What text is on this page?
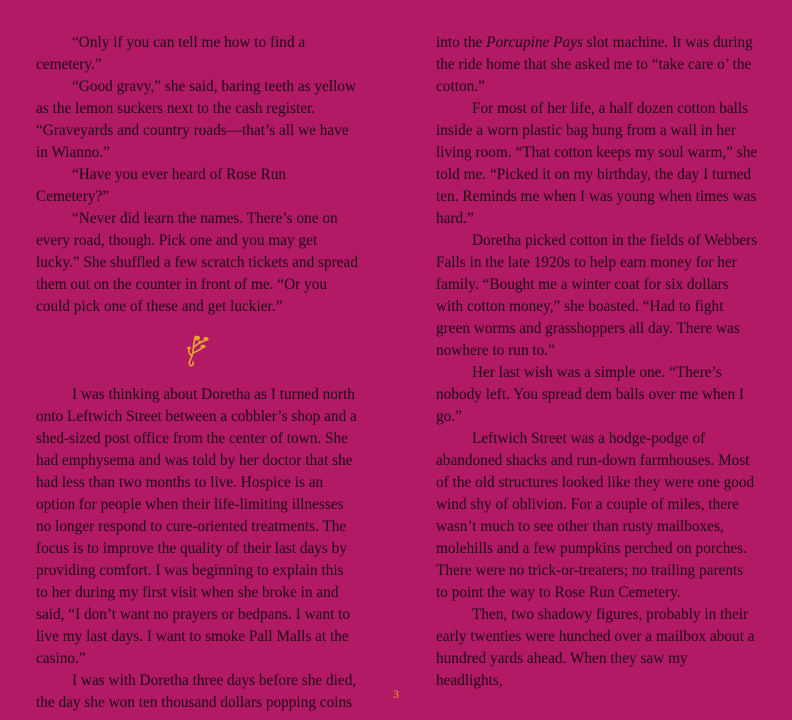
“Only if you can tell me how to find a cemetery.”

“Good gravy,” she said, baring teeth as yellow as the lemon suckers next to the cash register. “Graveyards and country roads—that’s all we have in Wianno.”

“Have you ever heard of Rose Run Cemetery?”

“Never did learn the names. There’s one on every road, though. Pick one and you may get lucky.” She shuffled a few scratch tickets and spread them out on the counter in front of me. “Or you could pick one of these and get luckier.”

I was thinking about Doretha as I turned north onto Leftwich Street between a cobbler’s shop and a shed-sized post office from the center of town. She had emphysema and was told by her doctor that she had less than two months to live. Hospice is an option for people when their life-limiting illnesses no longer respond to cure-oriented treatments. The focus is to improve the quality of their last days by providing comfort. I was beginning to explain this to her during my first visit when she broke in and said, “I don’t want no prayers or bedpans. I want to live my last days. I want to smoke Pall Malls at the casino.”

I was with Doretha three days before she died, the day she won ten thousand dollars popping coins

into the Porcupine Pays slot machine. It was during the ride home that she asked me to “take care o’ the cotton.”

For most of her life, a half dozen cotton balls inside a worn plastic bag hung from a wall in her living room. “That cotton keeps my soul warm,” she told me. “Picked it on my birthday, the day I turned ten. Reminds me when I was young when times was hard.”

Doretha picked cotton in the fields of Webbers Falls in the late 1920s to help earn money for her family. “Bought me a winter coat for six dollars with cotton money,” she boasted. “Had to fight green worms and grasshoppers all day. There was nowhere to run to.”

Her last wish was a simple one. “There’s nobody left. You spread dem balls over me when I go.”

Leftwich Street was a hodge-podge of abandoned shacks and run-down farmhouses. Most of the old structures looked like they were one good wind shy of oblivion. For a couple of miles, there wasn’t much to see other than rusty mailboxes, molehills and a few pumpkins perched on porches. There were no trick-or-treaters; no trailing parents to point the way to Rose Run Cemetery.

Then, two shadowy figures, probably in their early twenties were hunched over a mailbox about a hundred yards ahead. When they saw my headlights,

3
